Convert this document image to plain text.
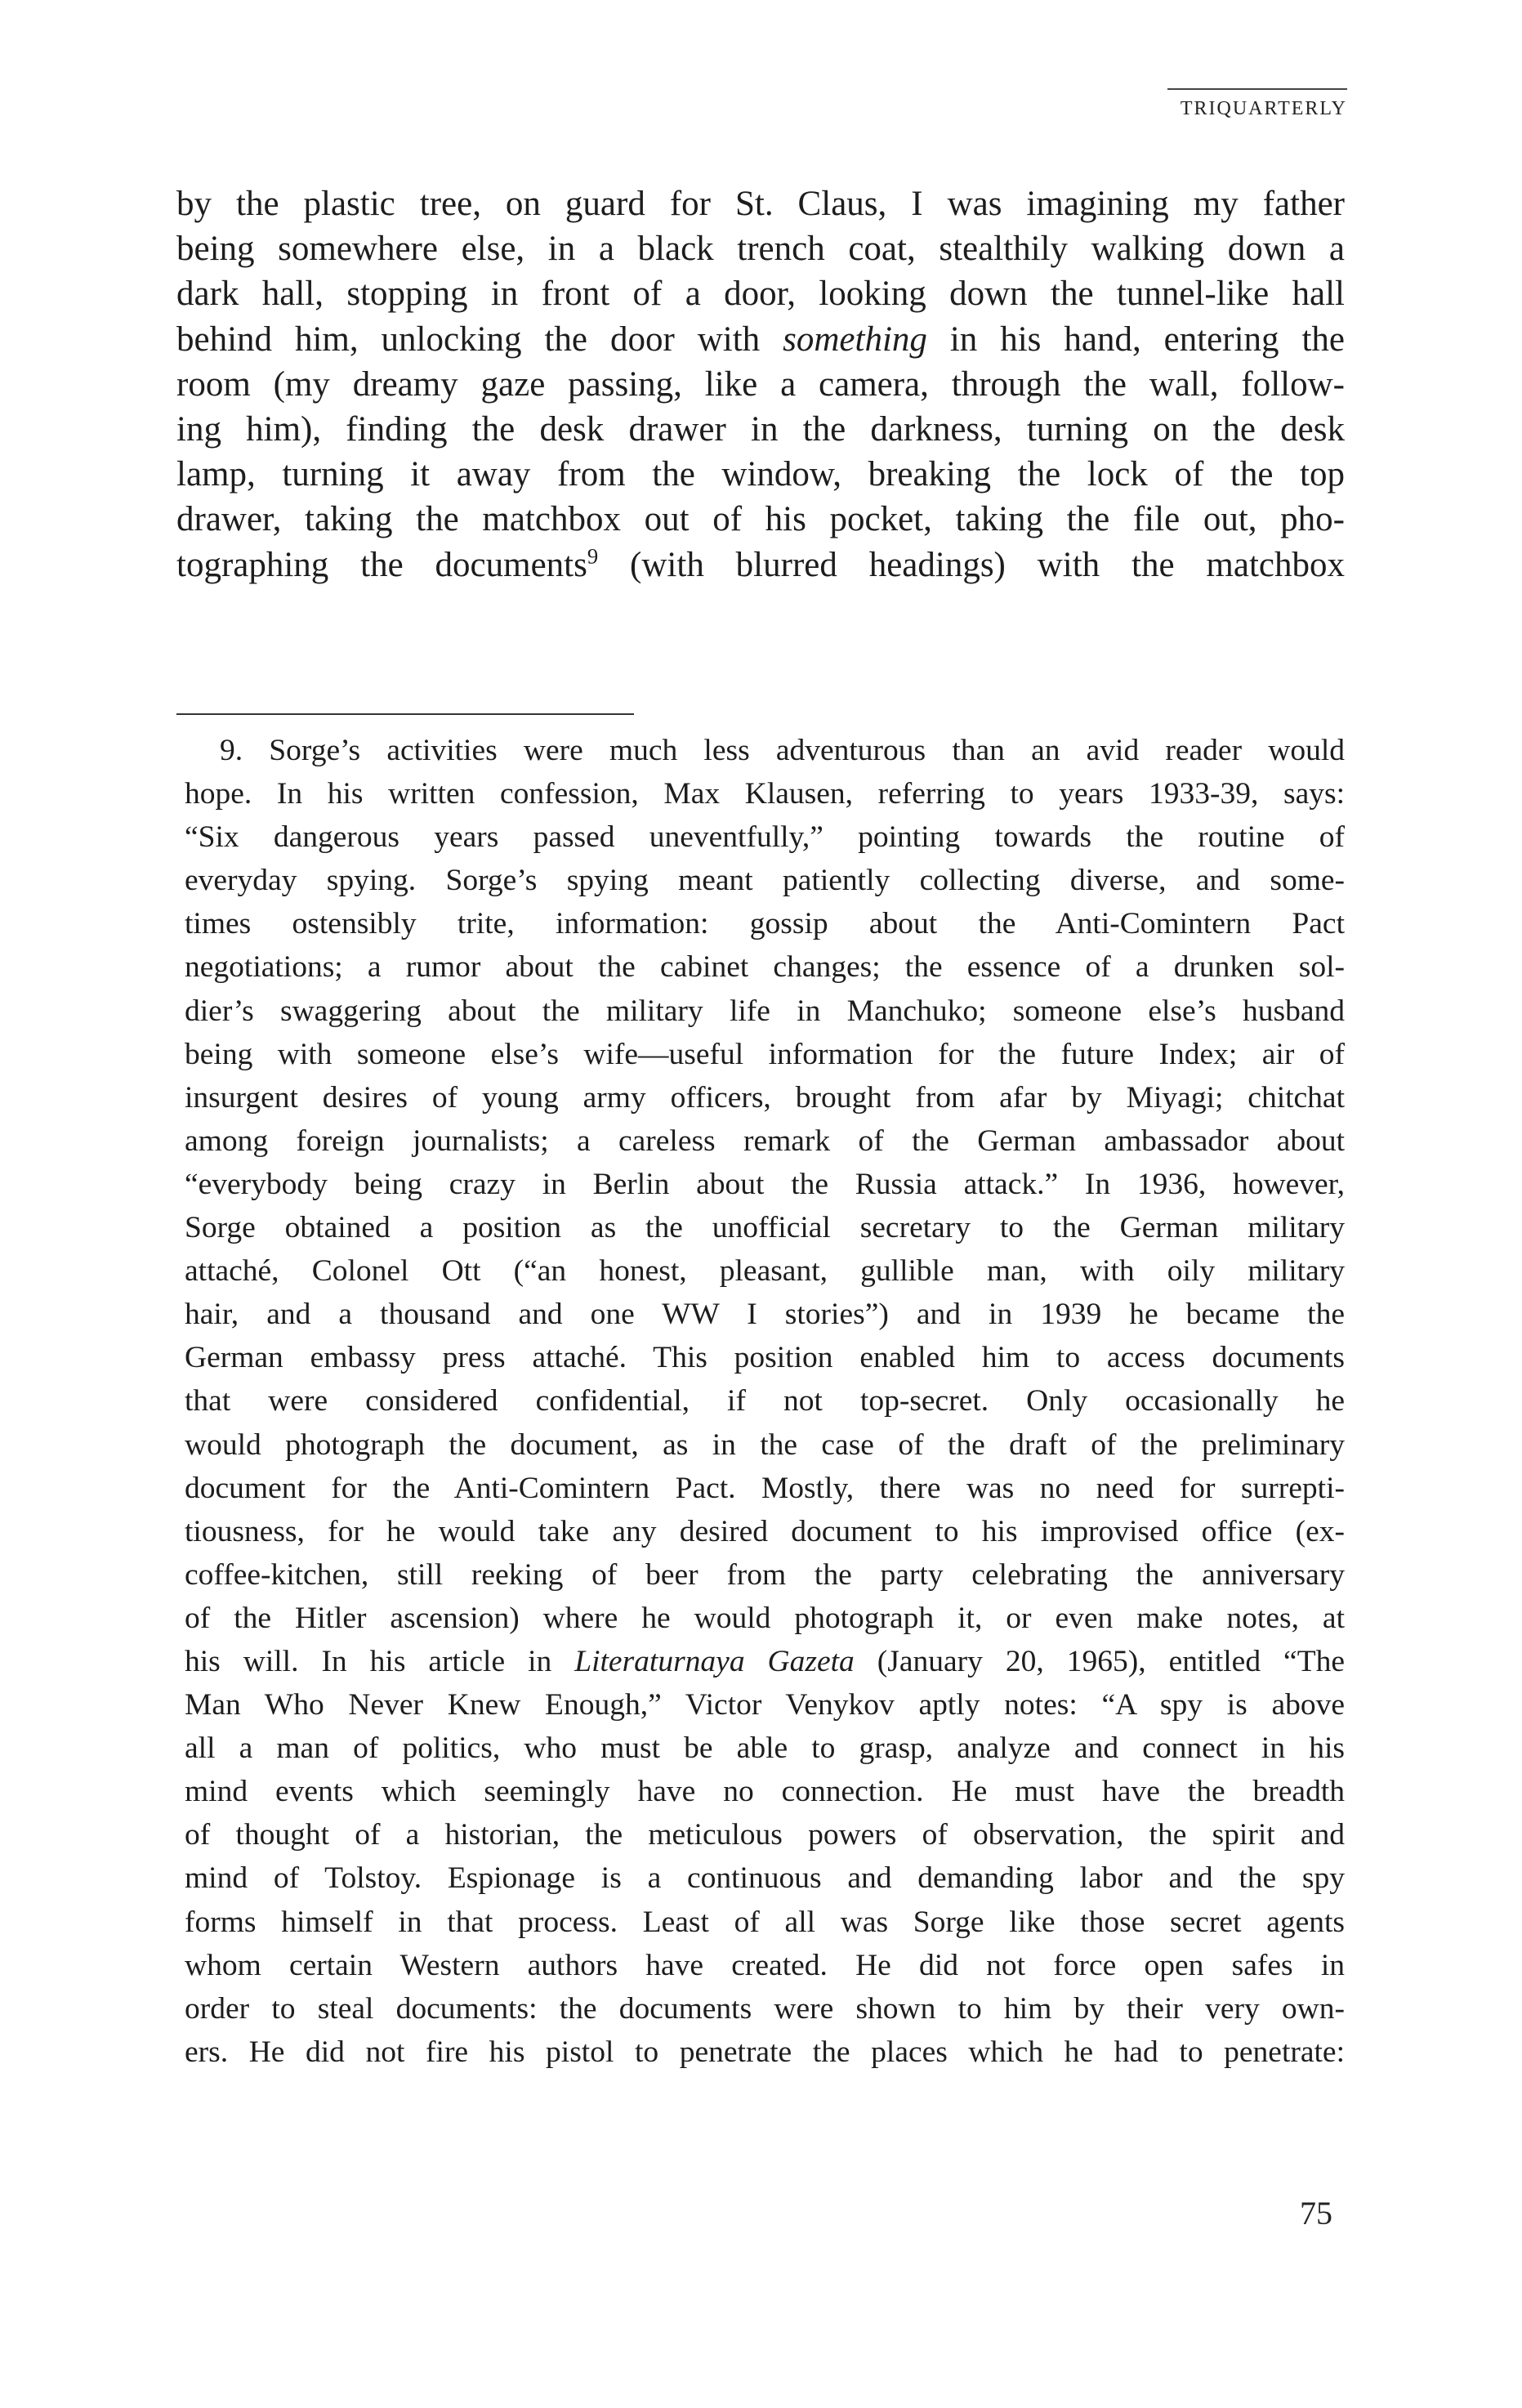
TRIQUARTERLY
by the plastic tree, on guard for St. Claus, I was imagining my father
being somewhere else, in a black trench coat, stealthily walking down a
dark hall, stopping in front of a door, looking down the tunnel-like hall
behind him, unlocking the door with something in his hand, entering the
room (my dreamy gaze passing, like a camera, through the wall, follow-
ing him), finding the desk drawer in the darkness, turning on the desk
lamp, turning it away from the window, breaking the lock of the top
drawer, taking the matchbox out of his pocket, taking the file out, pho-
tographing the documents$^9$ (with blurred headings) with the matchbox
9. Sorge’s activities were much less adventurous than an avid reader would
hope. In his written confession, Max Klausen, referring to years 1933-39, says:
“Six dangerous years passed uneventfully,” pointing towards the routine of
everyday spying. Sorge’s spying meant patiently collecting diverse, and some-
times ostensibly trite, information: gossip about the Anti-Comintern Pact
negotiations; a rumor about the cabinet changes; the essence of a drunken sol-
dier’s swaggering about the military life in Manchuko; someone else’s husband
being with someone else’s wife—useful information for the future Index; air of
insurgent desires of young army officers, brought from afar by Miyagi; chitchat
among foreign journalists; a careless remark of the German ambassador about
“everybody being crazy in Berlin about the Russia attack.” In 1936, however,
Sorge obtained a position as the unofficial secretary to the German military
attaché, Colonel Ott (“an honest, pleasant, gullible man, with oily military
hair, and a thousand and one WW I stories”) and in 1939 he became the
German embassy press attaché. This position enabled him to access documents
that were considered confidential, if not top-secret. Only occasionally he
would photograph the document, as in the case of the draft of the preliminary
document for the Anti-Comintern Pact. Mostly, there was no need for surrepti-
tiousness, for he would take any desired document to his improvised office (ex-
coffee-kitchen, still reeking of beer from the party celebrating the anniversary
of the Hitler ascension) where he would photograph it, or even make notes, at
his will. In his article in Literaturnaya Gazeta (January 20, 1965), entitled “The
Man Who Never Knew Enough,” Victor Venykov aptly notes: “A spy is above
all a man of politics, who must be able to grasp, analyze and connect in his
mind events which seemingly have no connection. He must have the breadth
of thought of a historian, the meticulous powers of observation, the spirit and
mind of Tolstoy. Espionage is a continuous and demanding labor and the spy
forms himself in that process. Least of all was Sorge like those secret agents
whom certain Western authors have created. He did not force open safes in
order to steal documents: the documents were shown to him by their very own-
ers. He did not fire his pistol to penetrate the places which he had to penetrate:
75
